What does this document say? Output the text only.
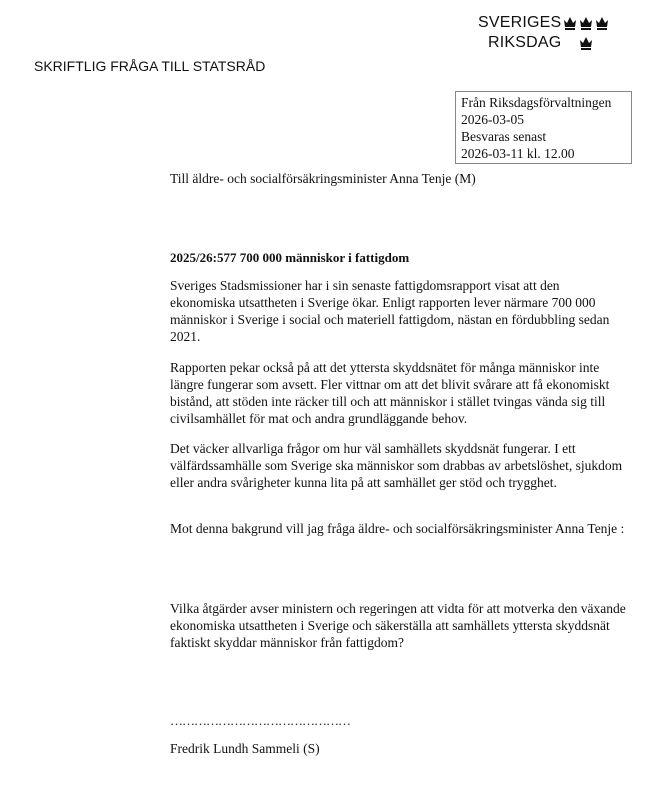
SVERIGES
RIKSDAG
SKRIFTLIG FRÅGA TILL STATSRÅD
Från Riksdagsförvaltningen
2026-03-05
Besvaras senast
2026-03-11 kl. 12.00
Till äldre- och socialförsäkringsminister Anna Tenje (M)
2025/26:577 700 000 människor i fattigdom

Sveriges Stadsmissioner har i sin senaste fattigdomsrapport visat att den ekonomiska utsattheten i Sverige ökar. Enligt rapporten lever närmare 700 000 människor i Sverige i social och materiell fattigdom, nästan en fördubbling sedan 2021.

Rapporten pekar också på att det yttersta skyddsnätet för många människor inte längre fungerar som avsett. Fler vittnar om att det blivit svårare att få ekonomiskt bistånd, att stöden inte räcker till och att människor i stället tvingas vända sig till civilsamhället för mat och andra grundläggande behov.

Det väcker allvarliga frågor om hur väl samhällets skyddsnät fungerar. I ett välfärdssamhälle som Sverige ska människor som drabbas av arbetslöshet, sjukdom eller andra svårigheter kunna lita på att samhället ger stöd och trygghet.

Mot denna bakgrund vill jag fråga äldre- och socialförsäkringsminister Anna Tenje :

Vilka åtgärder avser ministern och regeringen att vidta för att motverka den växande ekonomiska utsattheten i Sverige och säkerställa att samhällets yttersta skyddsnät faktiskt skyddar människor från fattigdom?

………………………………………
Fredrik Lundh Sammeli (S)
